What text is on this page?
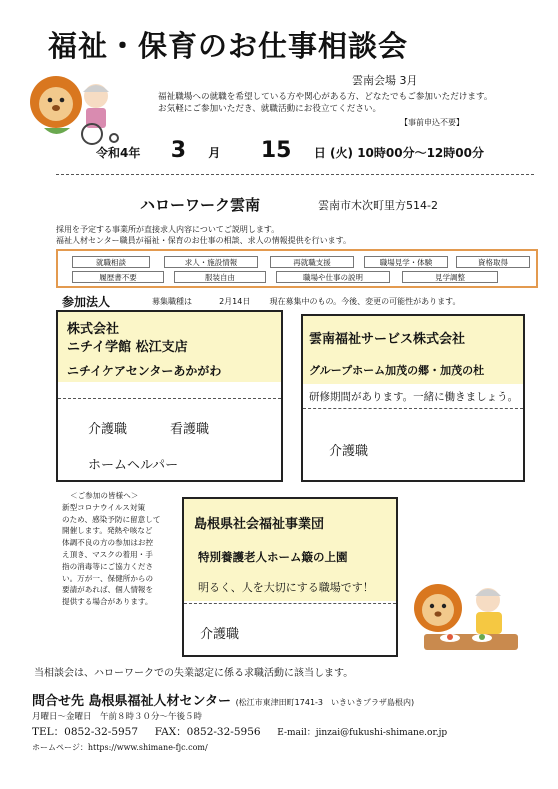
福祉・保育のお仕事相談会
雲南会場 3月
福祉職場への就職を希望している方や関心がある方、どなたでもご参加いただけます。
お気軽にご参加いただき、就職活動にお役立てください。
【事前申込不要】
令和4年 3 月 15 日 (火) 10時00分～12時00分
ハローワーク雲南	雲南市木次町里方514-2
採用を予定する事業所が直接求人内容についてご説明します。
福祉人材センター職員が福祉・保育のお仕事の相談、求人の情報提供を行います。
就職相談	求人・施設情報	再就職支援	職場見学・体験	資格取得
履歴書不要	服装自由	職場や仕事の説明	見学調整
参加法人	募集職種は	2月14日 現在募集中のもの。今後、変更の可能性があります。
株式会社
ニチイ学館 松江支店
ニチイケアセンターあかがわ
介護職	看護職
ホームヘルパー
雲南福祉サービス株式会社
グループホーム加茂の郷・加茂の杜
研修期間があります。一緒に働きましょう。
介護職
＜ご参加の皆様へ＞
新型コロナウイルス対策
のため、感染予防に留意して
開催します。発熱や咳など
体調不良の方の参加はお控
え頂き、マスクの着用・手
指の消毒等にご協力くださ
い。万が一、保健所からの
要請があれば、個人情報を
提供する場合があります。
島根県社会福祉事業団
特別養護老人ホーム簸の上園
明るく、人を大切にする職場です！
介護職
当相談会は、ハローワークでの失業認定に係る求職活動に該当します。
問合せ先 島根県福祉人材センター (松江市東津田町1741-3　いきいきプラザ島根内)
月曜日～金曜日　午前８時３０分～午後５時
TEL：0852-32-5957 FAX：0852-32-5956 E-mail：jinzai@fukushi-shimane.or.jp
ホームページ：https://www.shimane-fjc.com/
